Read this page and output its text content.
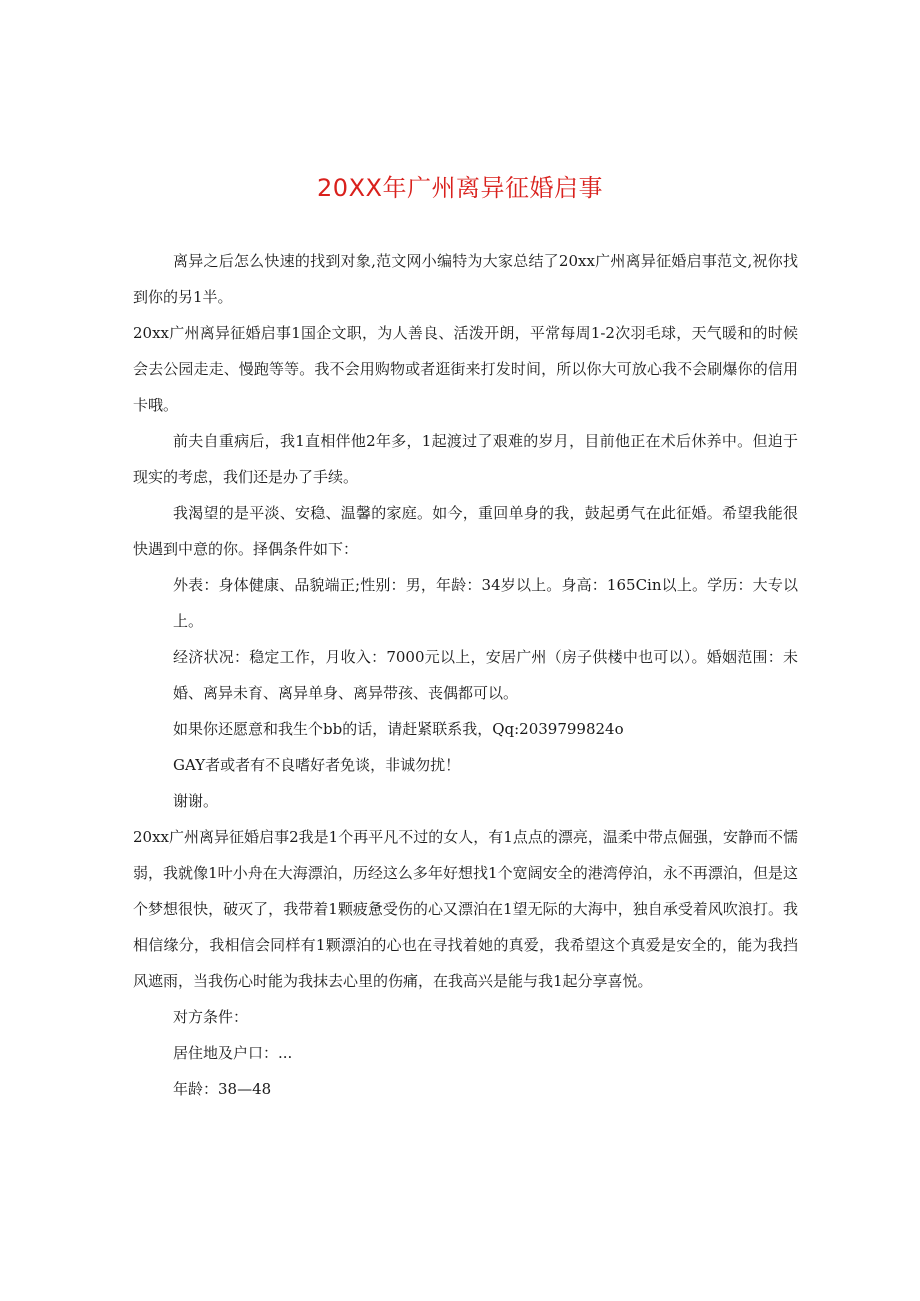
20XX年广州离异征婚启事

离异之后怎么快速的找到对象,范文网小编特为大家总结了20xx广州离异征婚启事范文,祝你找到你的另1半。

20xx广州离异征婚启事1国企文职，为人善良、活泼开朗，平常每周1-2次羽毛球，天气暖和的时候会去公园走走、慢跑等等。我不会用购物或者逛街来打发时间，所以你大可放心我不会刷爆你的信用卡哦。

前夫自重病后，我1直相伴他2年多，1起渡过了艰难的岁月，目前他正在术后休养中。但迫于现实的考虑，我们还是办了手续。

我渴望的是平淡、安稳、温馨的家庭。如今，重回单身的我，鼓起勇气在此征婚。希望我能很快遇到中意的你。择偶条件如下：

外表：身体健康、品貌端正;性别：男，年龄：34岁以上。身高：165Cin以上。学历：大专以上。

经济状况：稳定工作，月收入：7000元以上，安居广州（房子供楼中也可以）。婚姻范围：未婚、离异未育、离异单身、离异带孩、丧偶都可以。

如果你还愿意和我生个bb的话，请赶紧联系我，Qq:2039799824o

GAY者或者有不良嗜好者免谈，非诚勿扰！

谢谢。

20xx广州离异征婚启事2我是1个再平凡不过的女人，有1点点的漂亮，温柔中带点倔强，安静而不懦弱，我就像1叶小舟在大海漂泊，历经这么多年好想找1个宽阔安全的港湾停泊，永不再漂泊，但是这个梦想很快，破灭了，我带着1颗疲惫受伤的心又漂泊在1望无际的大海中，独自承受着风吹浪打。我相信缘分，我相信会同样有1颗漂泊的心也在寻找着她的真爱，我希望这个真爱是安全的，能为我挡风遮雨，当我伤心时能为我抹去心里的伤痛，在我高兴是能与我1起分享喜悦。

对方条件：

居住地及户口：...

年龄：38—48
